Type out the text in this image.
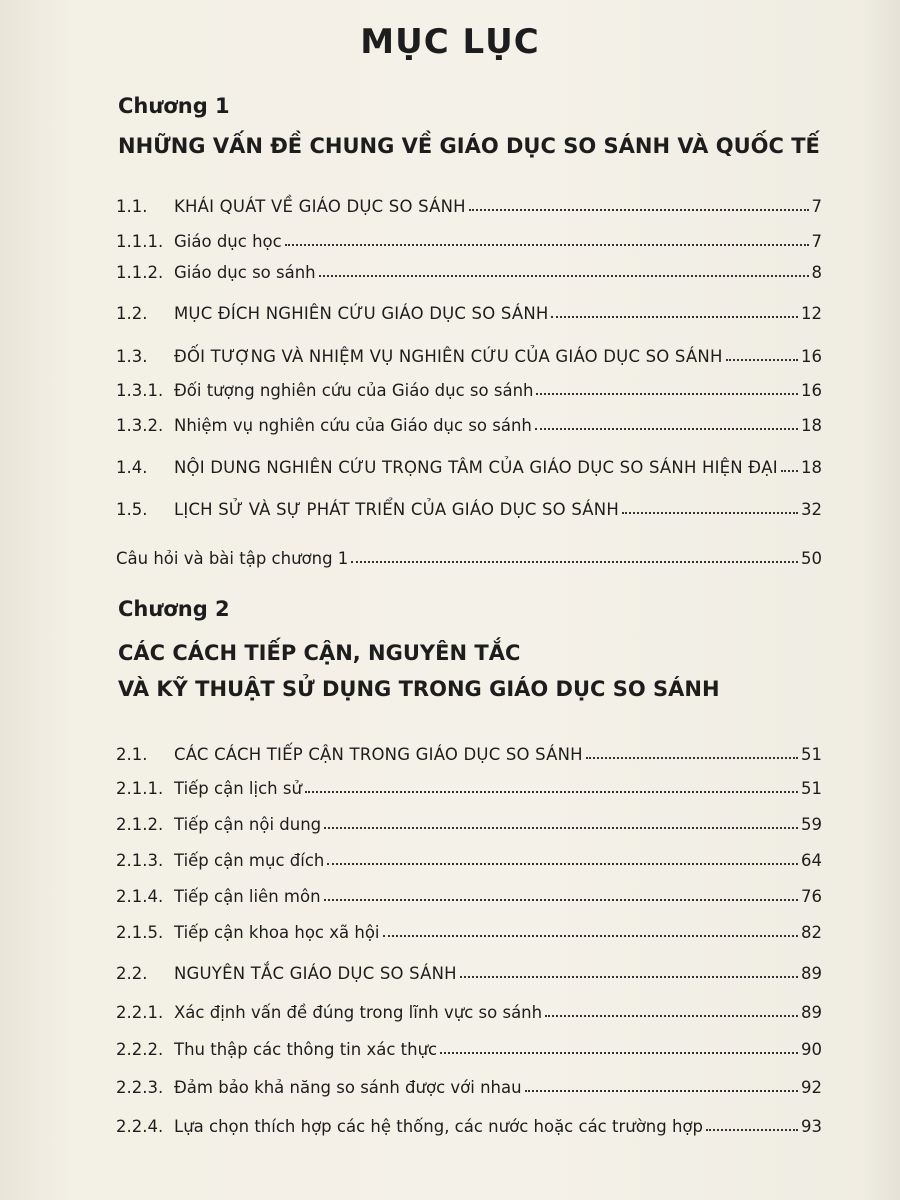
MỤC LỤC
Chương 1
NHỮNG VẤN ĐỀ CHUNG VỀ GIÁO DỤC SO SÁNH VÀ QUỐC TẾ
1.1.	KHÁI QUÁT VỀ GIÁO DỤC SO SÁNH	7
1.1.1. Giáo dục học	7
1.1.2. Giáo dục so sánh	8
1.2.	MỤC ĐÍCH NGHIÊN CỨU GIÁO DỤC SO SÁNH	12
1.3.	ĐỐI TƯỢNG VÀ NHIỆM VỤ NGHIÊN CỨU CỦA GIÁO DỤC SO SÁNH	16
1.3.1. Đối tượng nghiên cứu của Giáo dục so sánh	16
1.3.2. Nhiệm vụ nghiên cứu của Giáo dục so sánh	18
1.4.	NỘI DUNG NGHIÊN CỨU TRỌNG TÂM CỦA GIÁO DỤC SO SÁNH HIỆN ĐẠI 18
1.5.	LỊCH SỬ VÀ SỰ PHÁT TRIỂN CỦA GIÁO DỤC SO SÁNH	32
Câu hỏi và bài tập chương 1	50
Chương 2
CÁC CÁCH TIẾP CẬN, NGUYÊN TẮC
VÀ KỸ THUẬT SỬ DỤNG TRONG GIÁO DỤC SO SÁNH
2.1.	CÁC CÁCH TIẾP CẬN TRONG GIÁO DỤC SO SÁNH	51
2.1.1. Tiếp cận lịch sử	51
2.1.2. Tiếp cận nội dung	59
2.1.3. Tiếp cận mục đích	64
2.1.4. Tiếp cận liên môn	76
2.1.5. Tiếp cận khoa học xã hội	82
2.2.	NGUYÊN TẮC GIÁO DỤC SO SÁNH	89
2.2.1. Xác định vấn đề đúng trong lĩnh vực so sánh	89
2.2.2. Thu thập các thông tin xác thực	90
2.2.3. Đảm bảo khả năng so sánh được với nhau	92
2.2.4. Lựa chọn thích hợp các hệ thống, các nước hoặc các trường hợp	93
